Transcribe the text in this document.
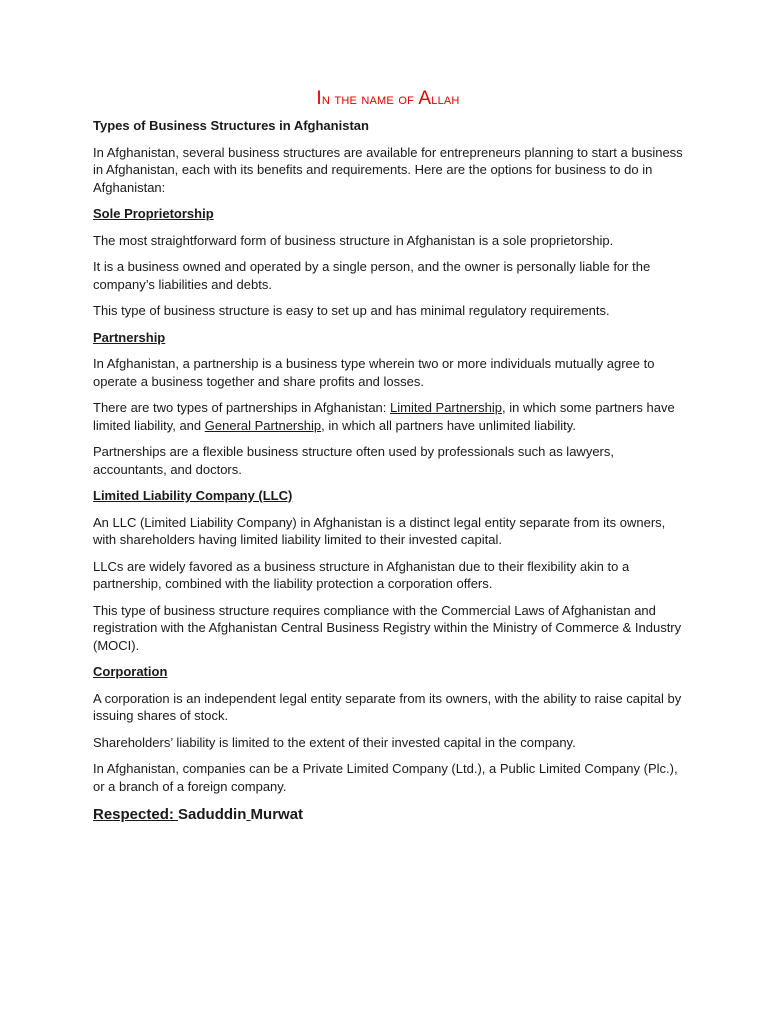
In the name of Allah
Types of Business Structures in Afghanistan

In Afghanistan, several business structures are available for entrepreneurs planning to start a business in Afghanistan, each with its benefits and requirements. Here are the options for business to do in Afghanistan:

Sole Proprietorship

The most straightforward form of business structure in Afghanistan is a sole proprietorship.

It is a business owned and operated by a single person, and the owner is personally liable for the company’s liabilities and debts.

This type of business structure is easy to set up and has minimal regulatory requirements.

Partnership

In Afghanistan, a partnership is a business type wherein two or more individuals mutually agree to operate a business together and share profits and losses.

There are two types of partnerships in Afghanistan: Limited Partnership, in which some partners have limited liability, and General Partnership, in which all partners have unlimited liability.

Partnerships are a flexible business structure often used by professionals such as lawyers, accountants, and doctors.

Limited Liability Company (LLC)

An LLC (Limited Liability Company) in Afghanistan is a distinct legal entity separate from its owners, with shareholders having limited liability limited to their invested capital.

LLCs are widely favored as a business structure in Afghanistan due to their flexibility akin to a partnership, combined with the liability protection a corporation offers.

This type of business structure requires compliance with the Commercial Laws of Afghanistan and registration with the Afghanistan Central Business Registry within the Ministry of Commerce & Industry (MOCI).

Corporation

A corporation is an independent legal entity separate from its owners, with the ability to raise capital by issuing shares of stock.

Shareholders’ liability is limited to the extent of their invested capital in the company.

In Afghanistan, companies can be a Private Limited Company (Ltd.), a Public Limited Company (Plc.), or a branch of a foreign company.

Respected: Saduddin Murwat
